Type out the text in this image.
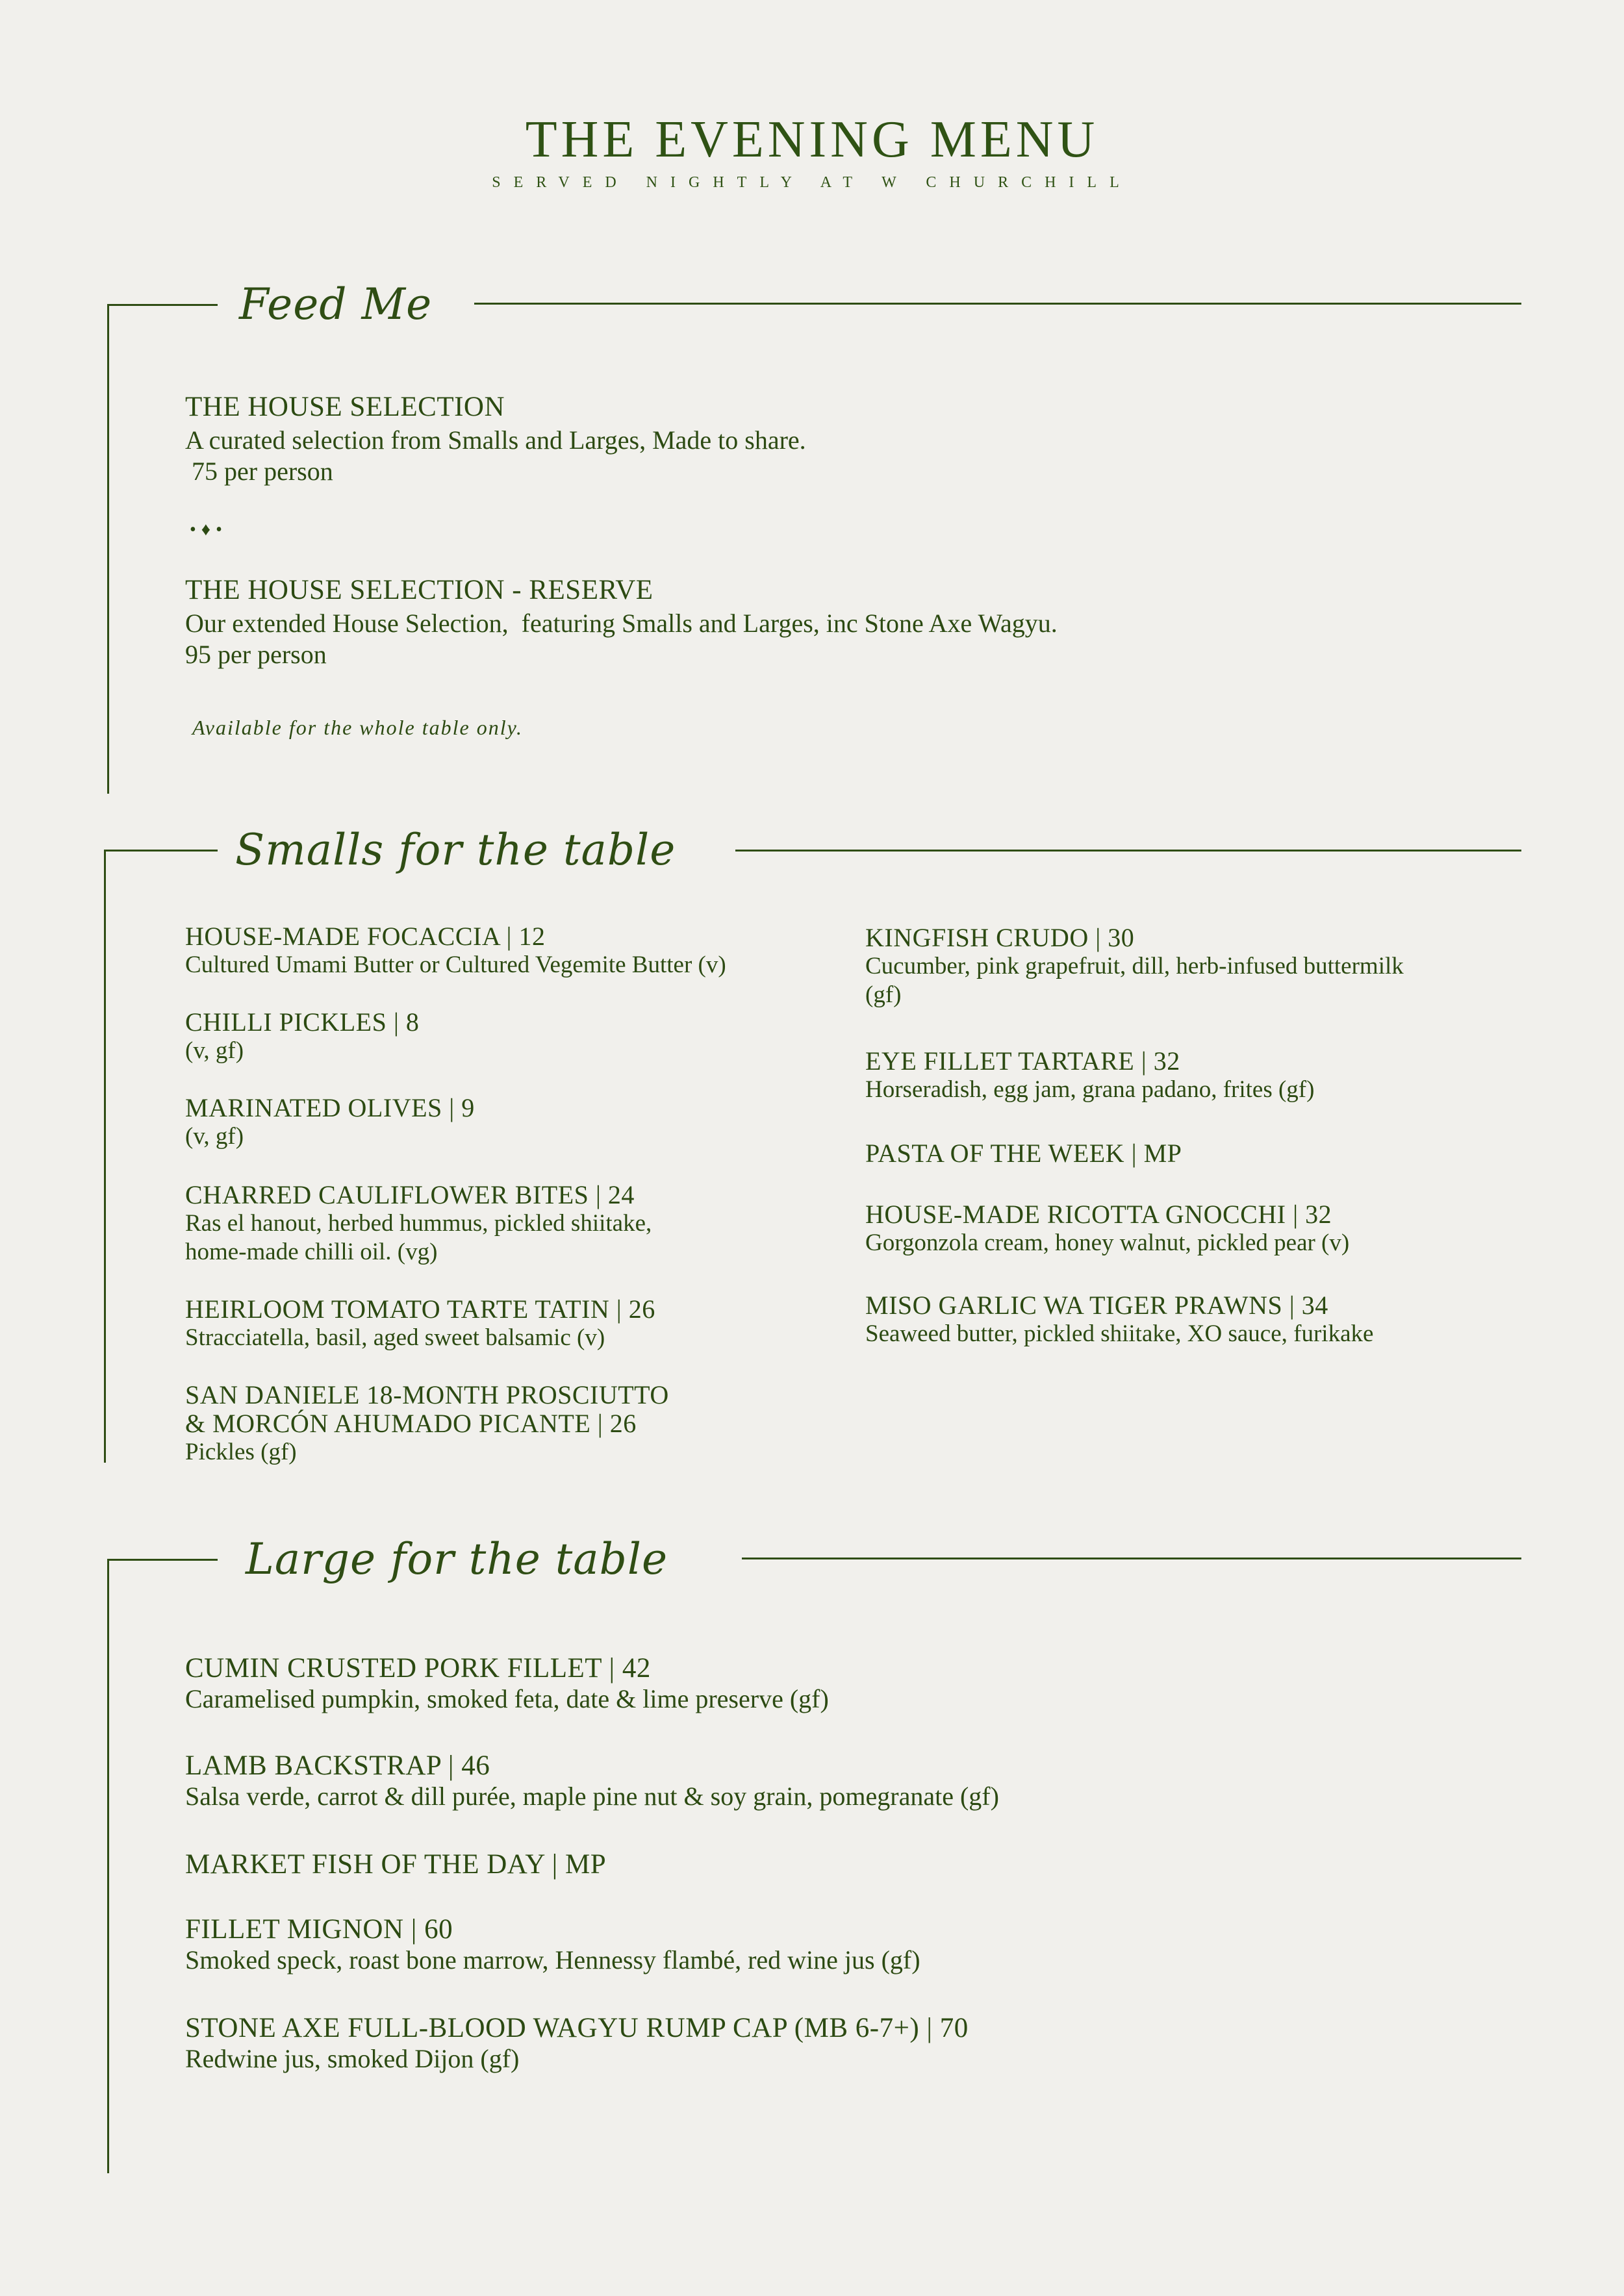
THE EVENING MENU
SERVED NIGHTLY AT W CHURCHILL
Feed Me
THE HOUSE SELECTION
A curated selection from Smalls and Larges, Made to share.
75 per person
•♦•
THE HOUSE SELECTION - RESERVE
Our extended House Selection,  featuring Smalls and Larges, inc Stone Axe Wagyu.
95 per person
Available for the whole table only.
Smalls for the table
HOUSE-MADE FOCACCIA | 12
Cultured Umami Butter or Cultured Vegemite Butter (v)
CHILLI PICKLES | 8
(v, gf)
MARINATED OLIVES | 9
(v, gf)
CHARRED CAULIFLOWER BITES | 24
Ras el hanout, herbed hummus, pickled shiitake,
home-made chilli oil. (vg)
HEIRLOOM TOMATO TARTE TATIN | 26
Stracciatella, basil, aged sweet balsamic (v)
SAN DANIELE 18-MONTH PROSCIUTTO
& MORCÓN AHUMADO PICANTE | 26
Pickles (gf)
KINGFISH CRUDO | 30
Cucumber, pink grapefruit, dill, herb-infused buttermilk
(gf)
EYE FILLET TARTARE | 32
Horseradish, egg jam, grana padano, frites (gf)
PASTA OF THE WEEK | MP
HOUSE-MADE RICOTTA GNOCCHI | 32
Gorgonzola cream, honey walnut, pickled pear (v)
MISO GARLIC WA TIGER PRAWNS | 34
Seaweed butter, pickled shiitake, XO sauce, furikake
Large for the table
CUMIN CRUSTED PORK FILLET | 42
Caramelised pumpkin, smoked feta, date & lime preserve (gf)
LAMB BACKSTRAP | 46
Salsa verde, carrot & dill purée, maple pine nut & soy grain, pomegranate (gf)
MARKET FISH OF THE DAY | MP
FILLET MIGNON | 60
Smoked speck, roast bone marrow, Hennessy flambé, red wine jus (gf)
STONE AXE FULL-BLOOD WAGYU RUMP CAP (MB 6-7+) | 70
Redwine jus, smoked Dijon (gf)
